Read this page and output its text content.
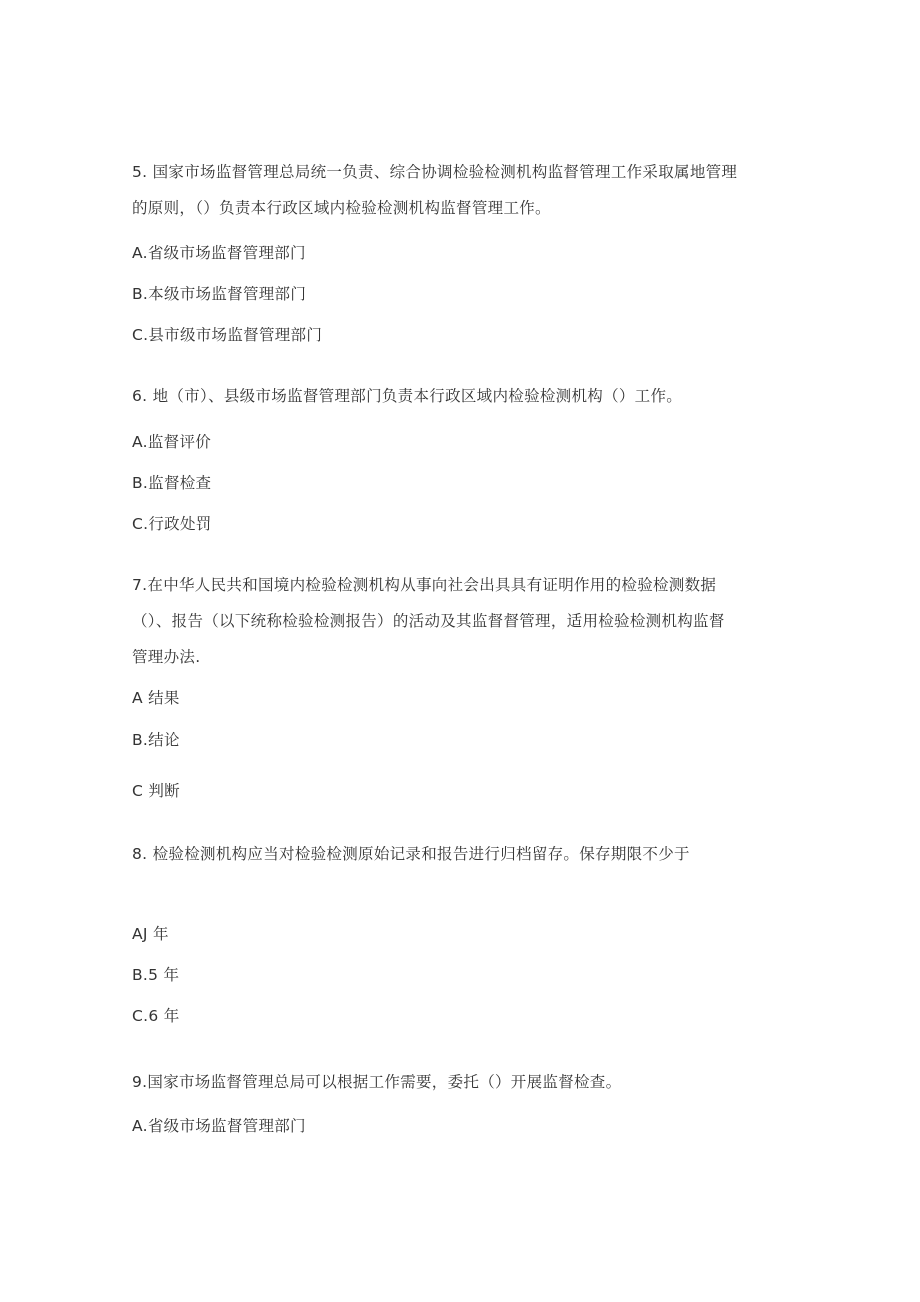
5. 国家市场监督管理总局统一负责、综合协调检验检测机构监督管理工作采取属地管理
的原则，（）负责本行政区域内检验检测机构监督管理工作。
A.省级市场监督管理部门
B.本级市场监督管理部门
C.县市级市场监督管理部门
6. 地（市）、县级市场监督管理部门负责本行政区域内检验检测机构（）工作。
A.监督评价
B.监督检查
C.行政处罚
7.在中华人民共和国境内检验检测机构从事向社会出具具有证明作用的检验检测数据
（）、报告（以下统称检验检测报告）的活动及其监督督管理，适用检验检测机构监督
管理办法.
A 结果
B.结论
C 判断
8. 检验检测机构应当对检验检测原始记录和报告进行归档留存。保存期限不少于
AJ 年
B.5 年
C.6 年
9.国家市场监督管理总局可以根据工作需要，委托（）开展监督检查。
A.省级市场监督管理部门
